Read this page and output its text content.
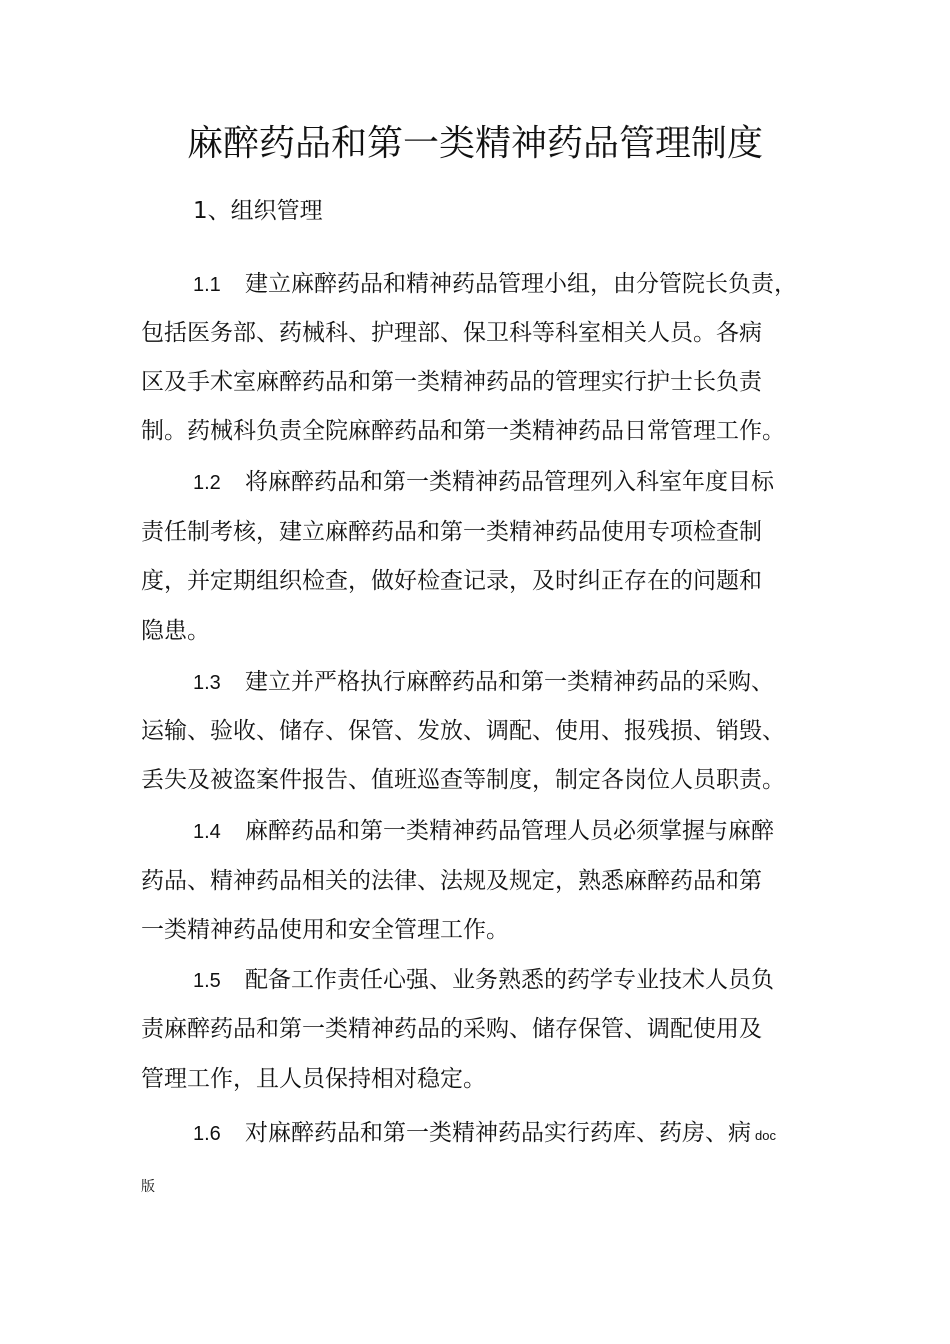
麻醉药品和第一类精神药品管理制度
1、组织管理
1.1 建立麻醉药品和精神药品管理小组，由分管院长负责，
包括医务部、药械科、护理部、保卫科等科室相关人员。各病
区及手术室麻醉药品和第一类精神药品的管理实行护士长负责
制。药械科负责全院麻醉药品和第一类精神药品日常管理工作。
1.2 将麻醉药品和第一类精神药品管理列入科室年度目标
责任制考核，建立麻醉药品和第一类精神药品使用专项检查制
度，并定期组织检查，做好检查记录，及时纠正存在的问题和
隐患。
1.3 建立并严格执行麻醉药品和第一类精神药品的采购、
运输、验收、储存、保管、发放、调配、使用、报残损、销毁、
丢失及被盗案件报告、值班巡查等制度，制定各岗位人员职责。
1.4 麻醉药品和第一类精神药品管理人员必须掌握与麻醉
药品、精神药品相关的法律、法规及规定，熟悉麻醉药品和第
一类精神药品使用和安全管理工作。
1.5 配备工作责任心强、业务熟悉的药学专业技术人员负
责麻醉药品和第一类精神药品的采购、储存保管、调配使用及
管理工作，且人员保持相对稳定。
1.6 对麻醉药品和第一类精神药品实行药库、药房、病 doc
版
